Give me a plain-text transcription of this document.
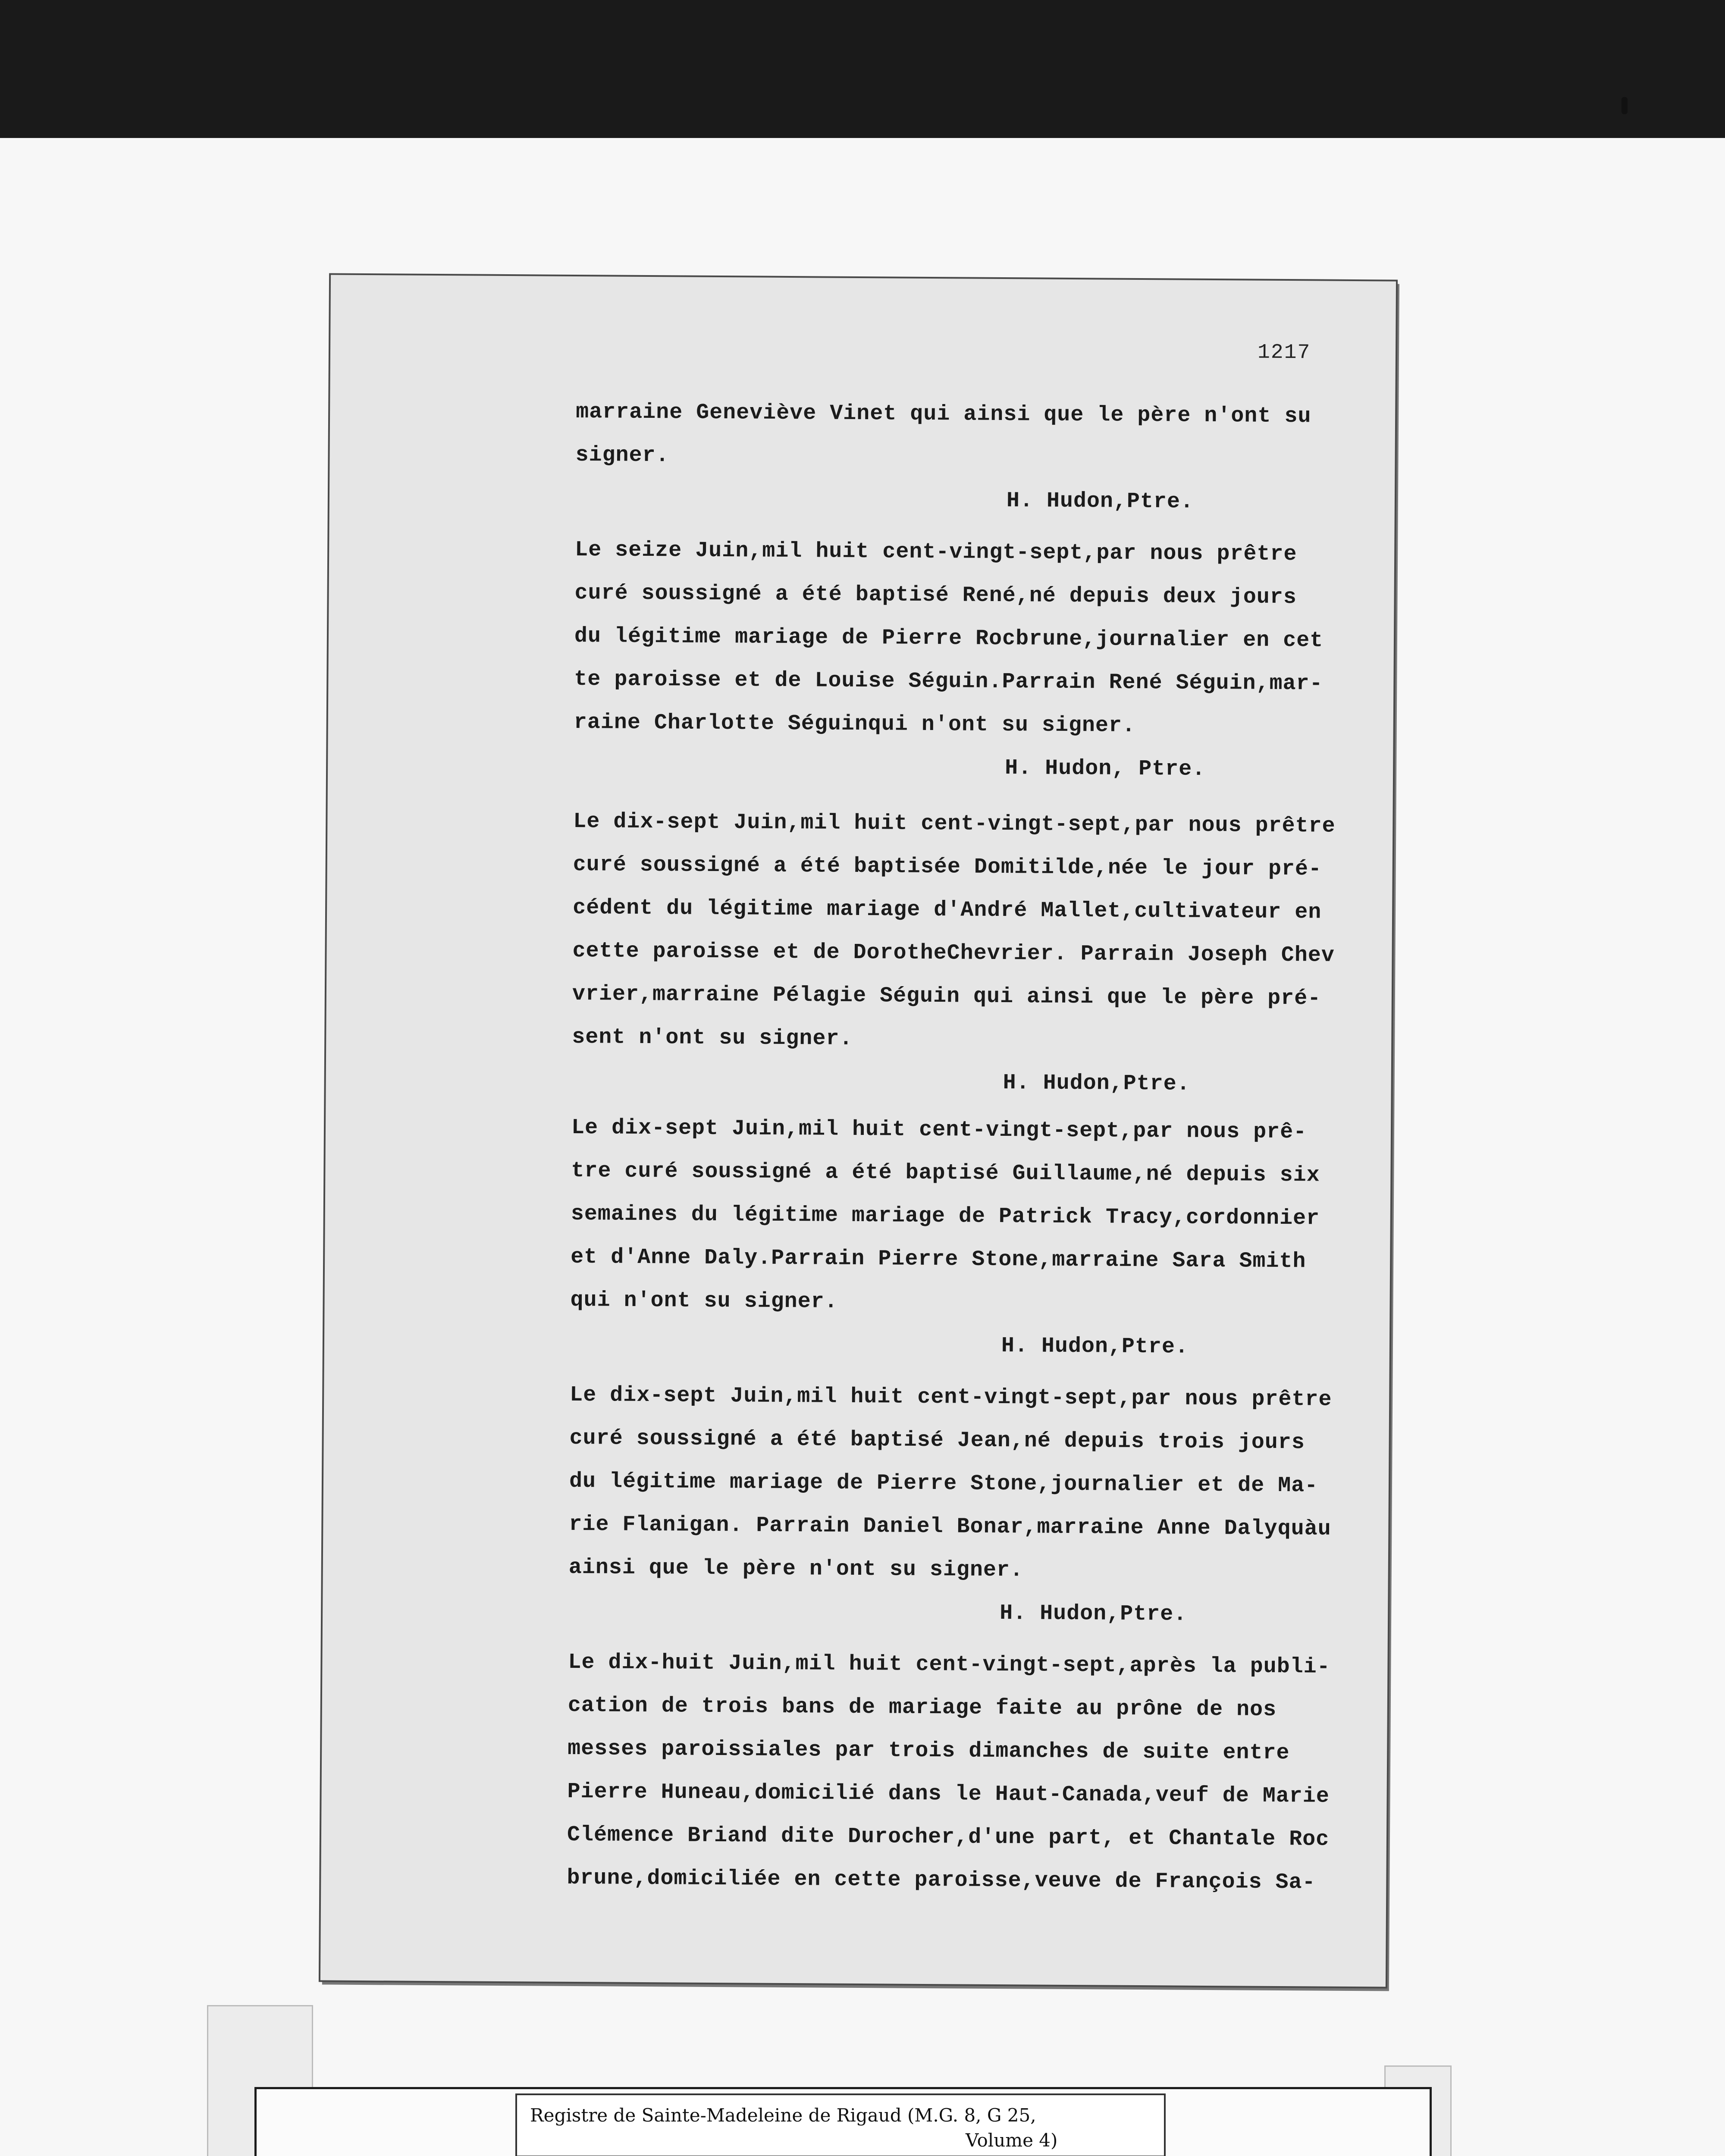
1217
marraine Geneviève Vinet qui ainsi que le père n'ont su
signer.
H. Hudon,Ptre.
Le seize Juin,mil huit cent-vingt-sept,par nous prêtre
curé soussigné a été baptisé René,né depuis deux jours
du légitime mariage de Pierre Rocbrune,journalier en cet
te paroisse et de Louise Séguin.Parrain René Séguin,mar-
raine Charlotte Séguinqui n'ont su signer.
H. Hudon, Ptre.
Le dix-sept Juin,mil huit cent-vingt-sept,par nous prêtre
curé soussigné a été baptisée Domitilde,née le jour pré-
cédent du légitime mariage d'André Mallet,cultivateur en
cette paroisse et de DorotheChevrier. Parrain Joseph Chev
vrier,marraine Pélagie Séguin qui ainsi que le père pré-
sent n'ont su signer.
H. Hudon,Ptre.
Le dix-sept Juin,mil huit cent-vingt-sept,par nous prê-
tre curé soussigné a été baptisé Guillaume,né depuis six
semaines du légitime mariage de Patrick Tracy,cordonnier
et d'Anne Daly.Parrain Pierre Stone,marraine Sara Smith
qui n'ont su signer.
H. Hudon,Ptre.
Le dix-sept Juin,mil huit cent-vingt-sept,par nous prêtre
curé soussigné a été baptisé Jean,né depuis trois jours
du légitime mariage de Pierre Stone,journalier et de Ma-
rie Flanigan. Parrain Daniel Bonar,marraine Anne Dalyquàu
ainsi que le père n'ont su signer.
H. Hudon,Ptre.
Le dix-huit Juin,mil huit cent-vingt-sept,après la publi-
cation de trois bans de mariage faite au prône de nos
messes paroissiales par trois dimanches de suite entre
Pierre Huneau,domicilié dans le Haut-Canada,veuf de Marie
Clémence Briand dite Durocher,d'une part, et Chantale Roc
brune,domiciliée en cette paroisse,veuve de François Sa-
Registre de Sainte-Madeleine de Rigaud (M.G. 8, G 25,
Volume 4)
